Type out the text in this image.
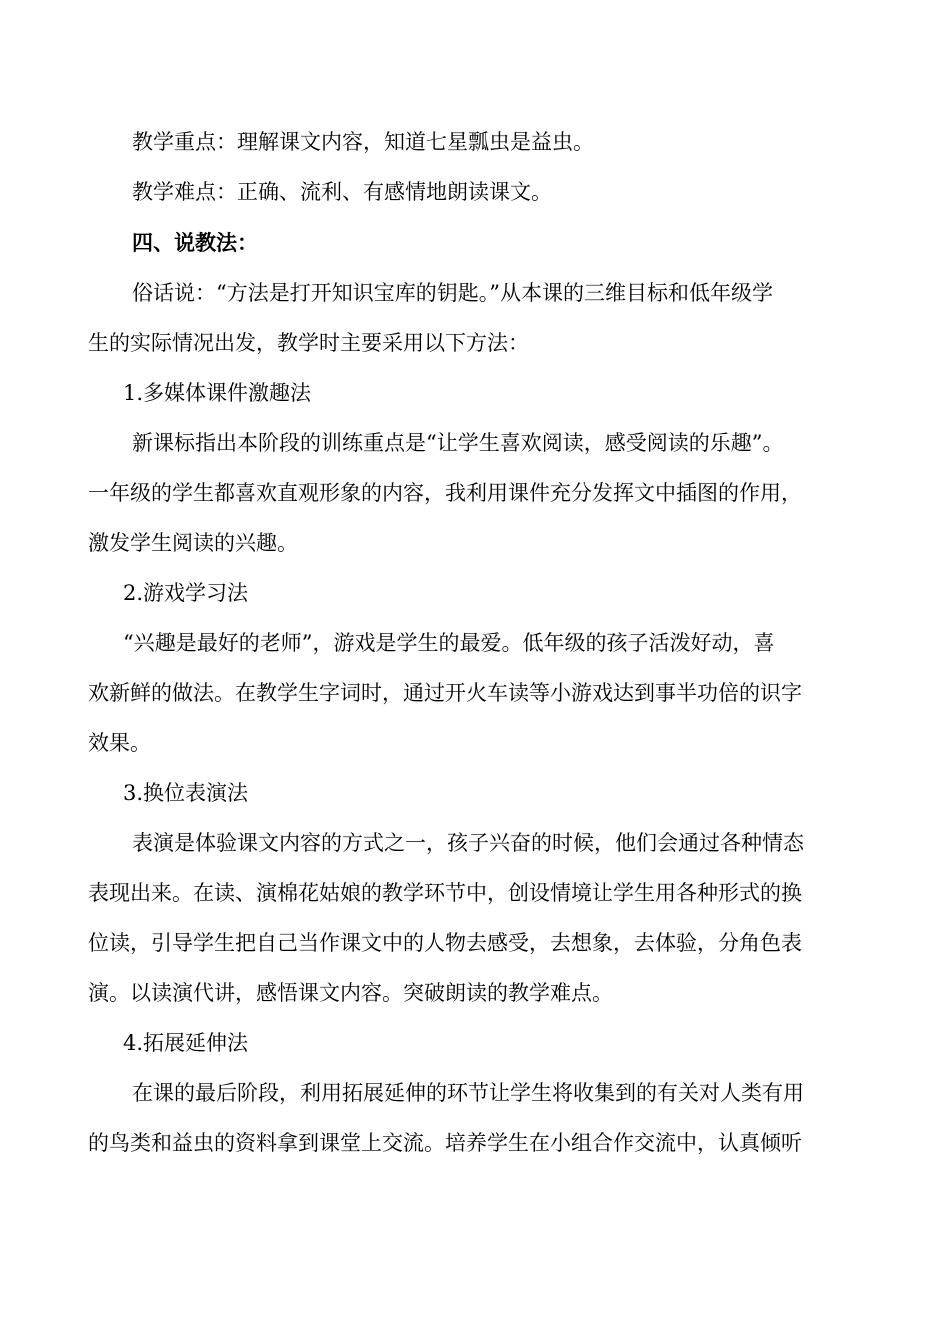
教学重点：理解课文内容，知道七星瓢虫是益虫。
教学难点：正确、流利、有感情地朗读课文。
四、说教法：
俗话说：“方法是打开知识宝库的钥匙。”从本课的三维目标和低年级学
生的实际情况出发，教学时主要采用以下方法：
1.多媒体课件激趣法
新课标指出本阶段的训练重点是“让学生喜欢阅读，感受阅读的乐趣”。
一年级的学生都喜欢直观形象的内容，我利用课件充分发挥文中插图的作用，
激发学生阅读的兴趣。
2.游戏学习法
“兴趣是最好的老师”，游戏是学生的最爱。低年级的孩子活泼好动，喜
欢新鲜的做法。在教学生字词时，通过开火车读等小游戏达到事半功倍的识字
效果。
3.换位表演法
表演是体验课文内容的方式之一，孩子兴奋的时候，他们会通过各种情态
表现出来。在读、演棉花姑娘的教学环节中，创设情境让学生用各种形式的换
位读，引导学生把自己当作课文中的人物去感受，去想象，去体验，分角色表
演。以读演代讲，感悟课文内容。突破朗读的教学难点。
4.拓展延伸法
在课的最后阶段，利用拓展延伸的环节让学生将收集到的有关对人类有用
的鸟类和益虫的资料拿到课堂上交流。培养学生在小组合作交流中，认真倾听
